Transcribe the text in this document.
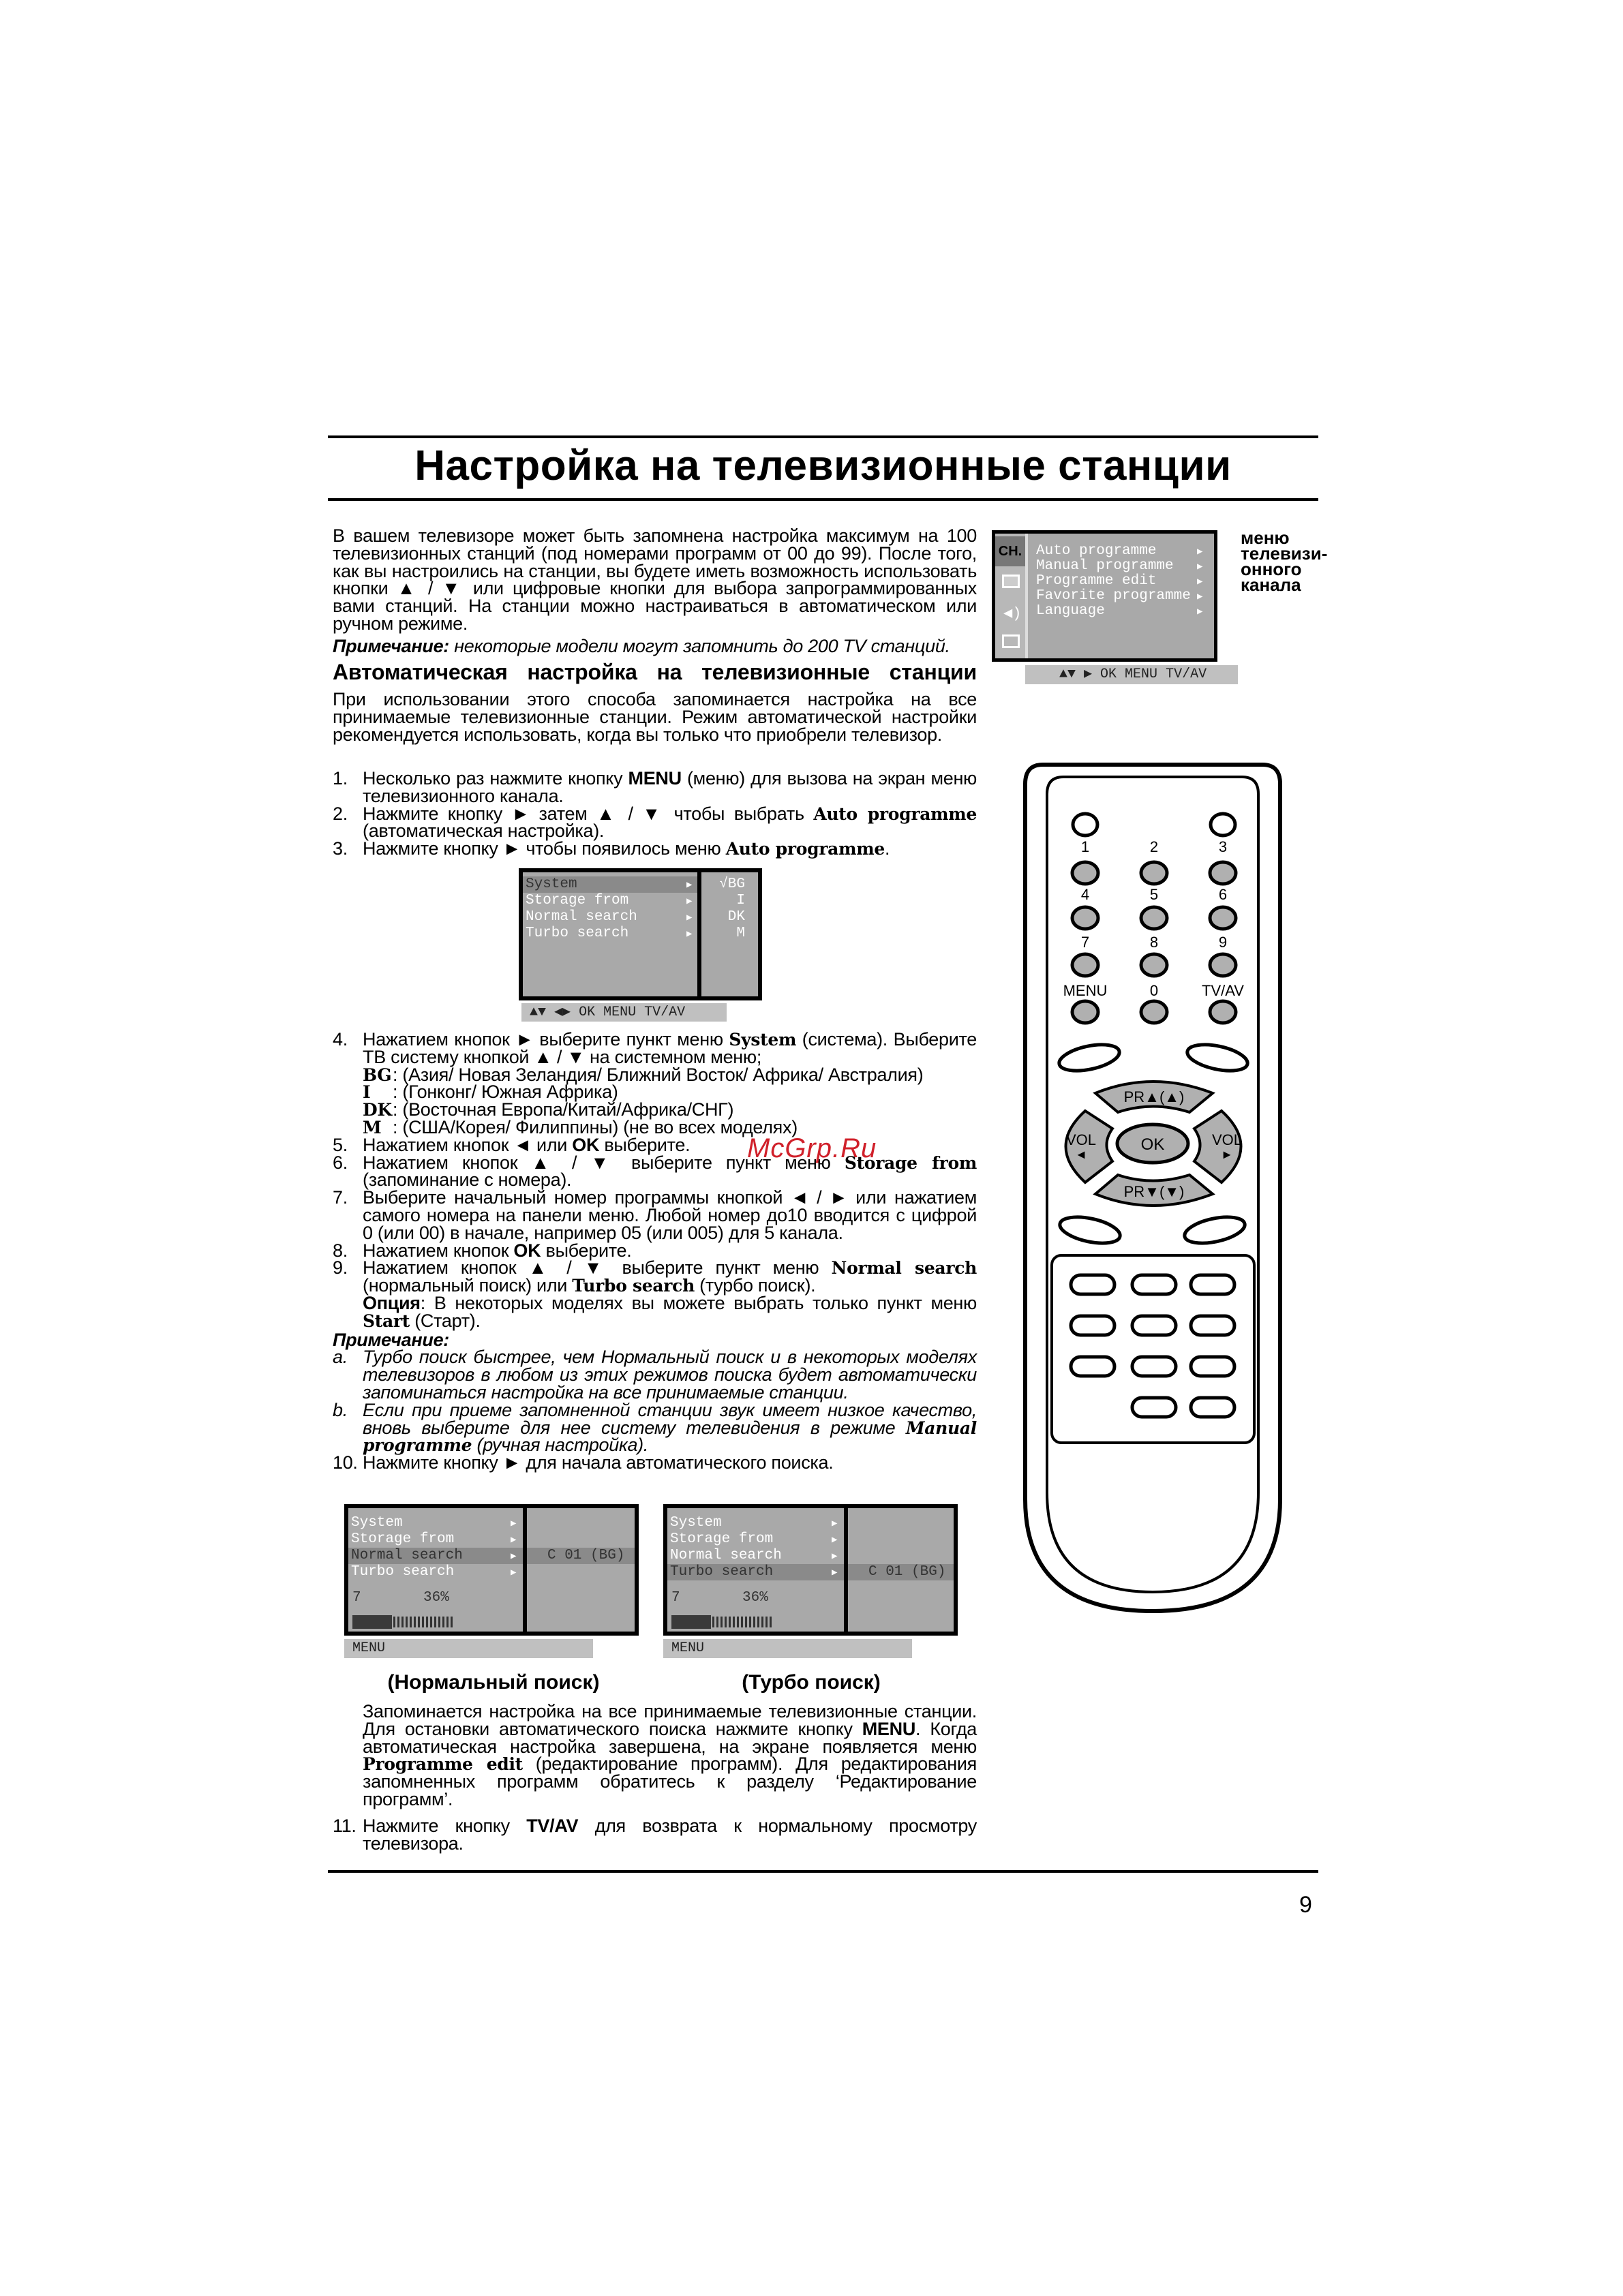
Настройка на телевизионные станции
В вашем телевизоре может быть запомнена настройка максимум на 100 телевизионных станций (под номерами программ от 00 до 99). После того, как вы настроились на станции, вы будете иметь возможность использовать кнопки ▲ / ▼ или цифровые кнопки для выбора запрограммированных вами станций. На станции можно настраиваться в автоматическом или ручном режиме.
Примечание: некоторые модели могут запомнить до 200 TV станций.
Автоматическая настройка на телевизионные станции
При использовании этого способа запоминается настройка на все принимаемые телевизионные станции. Режим автоматической настройки рекомендуется использовать, когда вы только что приобрели телевизор.
1. Несколько раз нажмите кнопку MENU (меню) для вызова на экран меню телевизионного канала.
2. Нажмите кнопку ► затем ▲ / ▼ чтобы выбрать Auto programme (автоматическая настройка).
3. Нажмите кнопку ► чтобы появилось меню Auto programme.
System	▶
Storage from	▶
Normal search	▶
Turbo search	▶
√BG
I
DK
M
▲▼ ◀▶ OK MENU TV/AV
4. Нажатием кнопок ► выберите пункт меню System (система). Выберите ТВ систему кнопкой ▲ / ▼ на системном меню;
BG : (Азия/ Новая Зеландия/ Ближний Восток/ Африка/ Австралия)
I	: (Гонконг/ Южная Африка)
DK : (Восточная Европа/Китай/Африка/СНГ)
M : (США/Корея/ Филиппины) (не во всех моделях)
5. Нажатием кнопок ◄ или OK выберите.
6. Нажатием кнопок ▲ / ▼ выберите пункт меню Storage from (запоминание с номера).
7. Выберите начальный номер программы кнопкой ◄ / ► или нажатием самого номера на панели меню. Любой номер до10 вводится с цифрой 0 (или 00) в начале, например 05 (или 005) для 5 канала.
8. Нажатием кнопок OK выберите.
9. Нажатием кнопок ▲ / ▼ выберите пункт меню Normal search (нормальный поиск) или Turbo search (турбо поиск).
Опция: В некоторых моделях вы можете выбрать только пункт меню Start (Старт).
Примечание:
a. Турбо поиск быстрее, чем Нормальный поиск и в некоторых моделях телевизоров в любом из этих режимов поиска будет автоматически запоминаться настройка на все принимаемые станции.
b. Если при приеме запомненной станции звук имеет низкое качество, вновь выберите для нее систему телевидения в режиме Manual programme (ручная настройка).
10. Нажмите кнопку ► для начала автоматического поиска.
McGrp.Ru
System	▶
Storage from	▶
Normal search	▶
Turbo search	▶
C 01 (BG)
7	36%
MENU
(Нормальный поиск)
System	▶
Storage from	▶
Normal search	▶
Turbo search	▶ C 01 (BG)
7	36%
MENU
(Турбо поиск)
Запоминается настройка на все принимаемые телевизионные станции. Для остановки автоматического поиска нажмите кнопку MENU. Когда автоматическая настройка завершена, на экране появляется меню Programme edit (редактирование программ). Для редактирования запомненных программ обратитесь к разделу ‘Редактирование программ’.
11. Нажмите кнопку TV/AV для возврата к нормальному просмотру телевизора.
9
CH.
◀)
Auto programme	▶
Manual programme ▶
Programme edit	▶
Favorite programme ▶
Language	▶
▲▼ ▶ OK MENU TV/AV
меню
телевизи-
онного
канала
1	2	3
4	5	6
7	8	9
MENU	0	TV/AV
PR▲(▲)
VOL
◄
VOL
►
OK
PR▼(▼)
